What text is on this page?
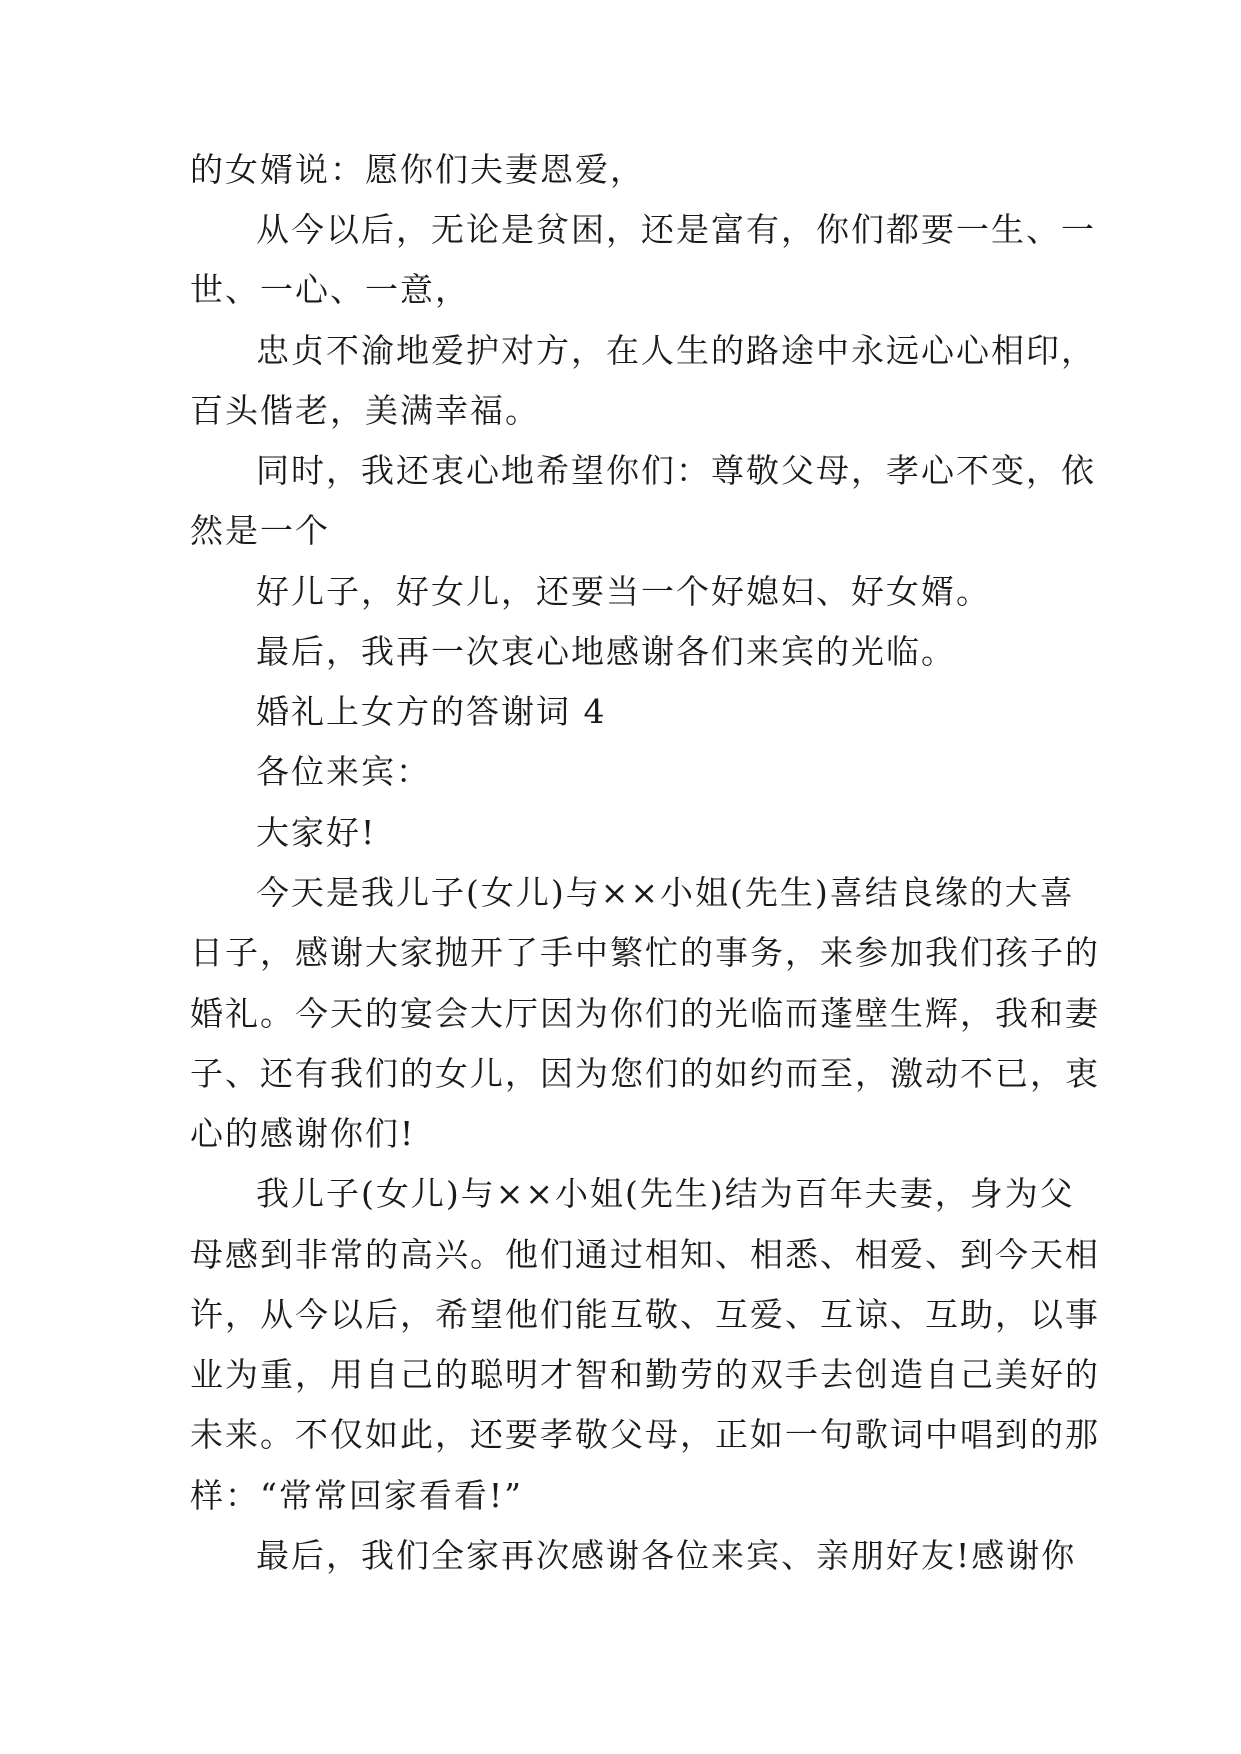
的女婿说：愿你们夫妻恩爱，

从今以后，无论是贫困，还是富有，你们都要一生、一

世、一心、一意，

忠贞不渝地爱护对方，在人生的路途中永远心心相印，

百头偕老，美满幸福。

同时，我还衷心地希望你们：尊敬父母，孝心不变，依

然是一个

好儿子，好女儿，还要当一个好媳妇、好女婿。

最后，我再一次衷心地感谢各们来宾的光临。

婚礼上女方的答谢词 4

各位来宾：

大家好!

今天是我儿子(女儿)与××小姐(先生)喜结良缘的大喜

日子，感谢大家抛开了手中繁忙的事务，来参加我们孩子的

婚礼。今天的宴会大厅因为你们的光临而蓬壁生辉，我和妻

子、还有我们的女儿，因为您们的如约而至，激动不已，衷

心的感谢你们!

我儿子(女儿)与××小姐(先生)结为百年夫妻，身为父

母感到非常的高兴。他们通过相知、相悉、相爱、到今天相

许，从今以后，希望他们能互敬、互爱、互谅、互助，以事

业为重，用自己的聪明才智和勤劳的双手去创造自己美好的

未来。不仅如此，还要孝敬父母，正如一句歌词中唱到的那

样：“常常回家看看!”

最后，我们全家再次感谢各位来宾、亲朋好友!感谢你
